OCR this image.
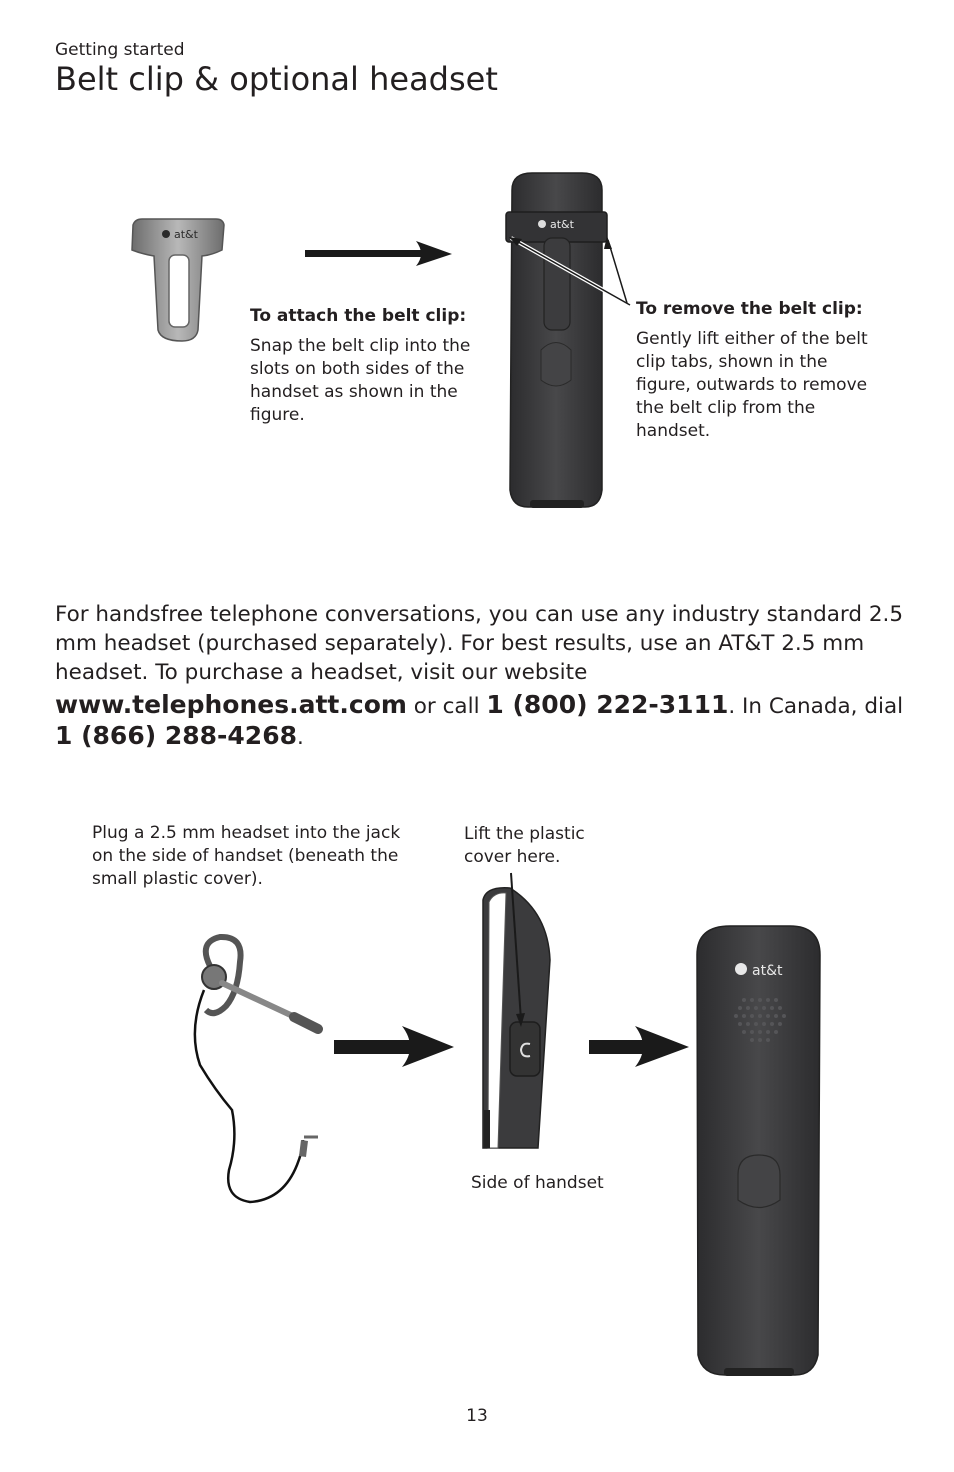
Getting started
Belt clip & optional headset
at&t
at&t
at&t
To attach the belt clip:
Snap the belt clip into the slots on both sides of the handset as shown in the figure.
To remove the belt clip:
Gently lift either of the belt clip tabs, shown in the figure, outwards to remove the belt clip from the handset.
For handsfree telephone conversations, you can use any industry standard 2.5 mm headset (purchased separately). For best results, use an AT&T 2.5 mm headset. To purchase a headset, visit our website
www.telephones.att.com or call 1 (800) 222-3111. In Canada, dial
1 (866) 288-4268.
Plug a 2.5 mm headset into the jack on the side of handset (beneath the small plastic cover).
Lift the plastic cover here.
Side of handset
13
